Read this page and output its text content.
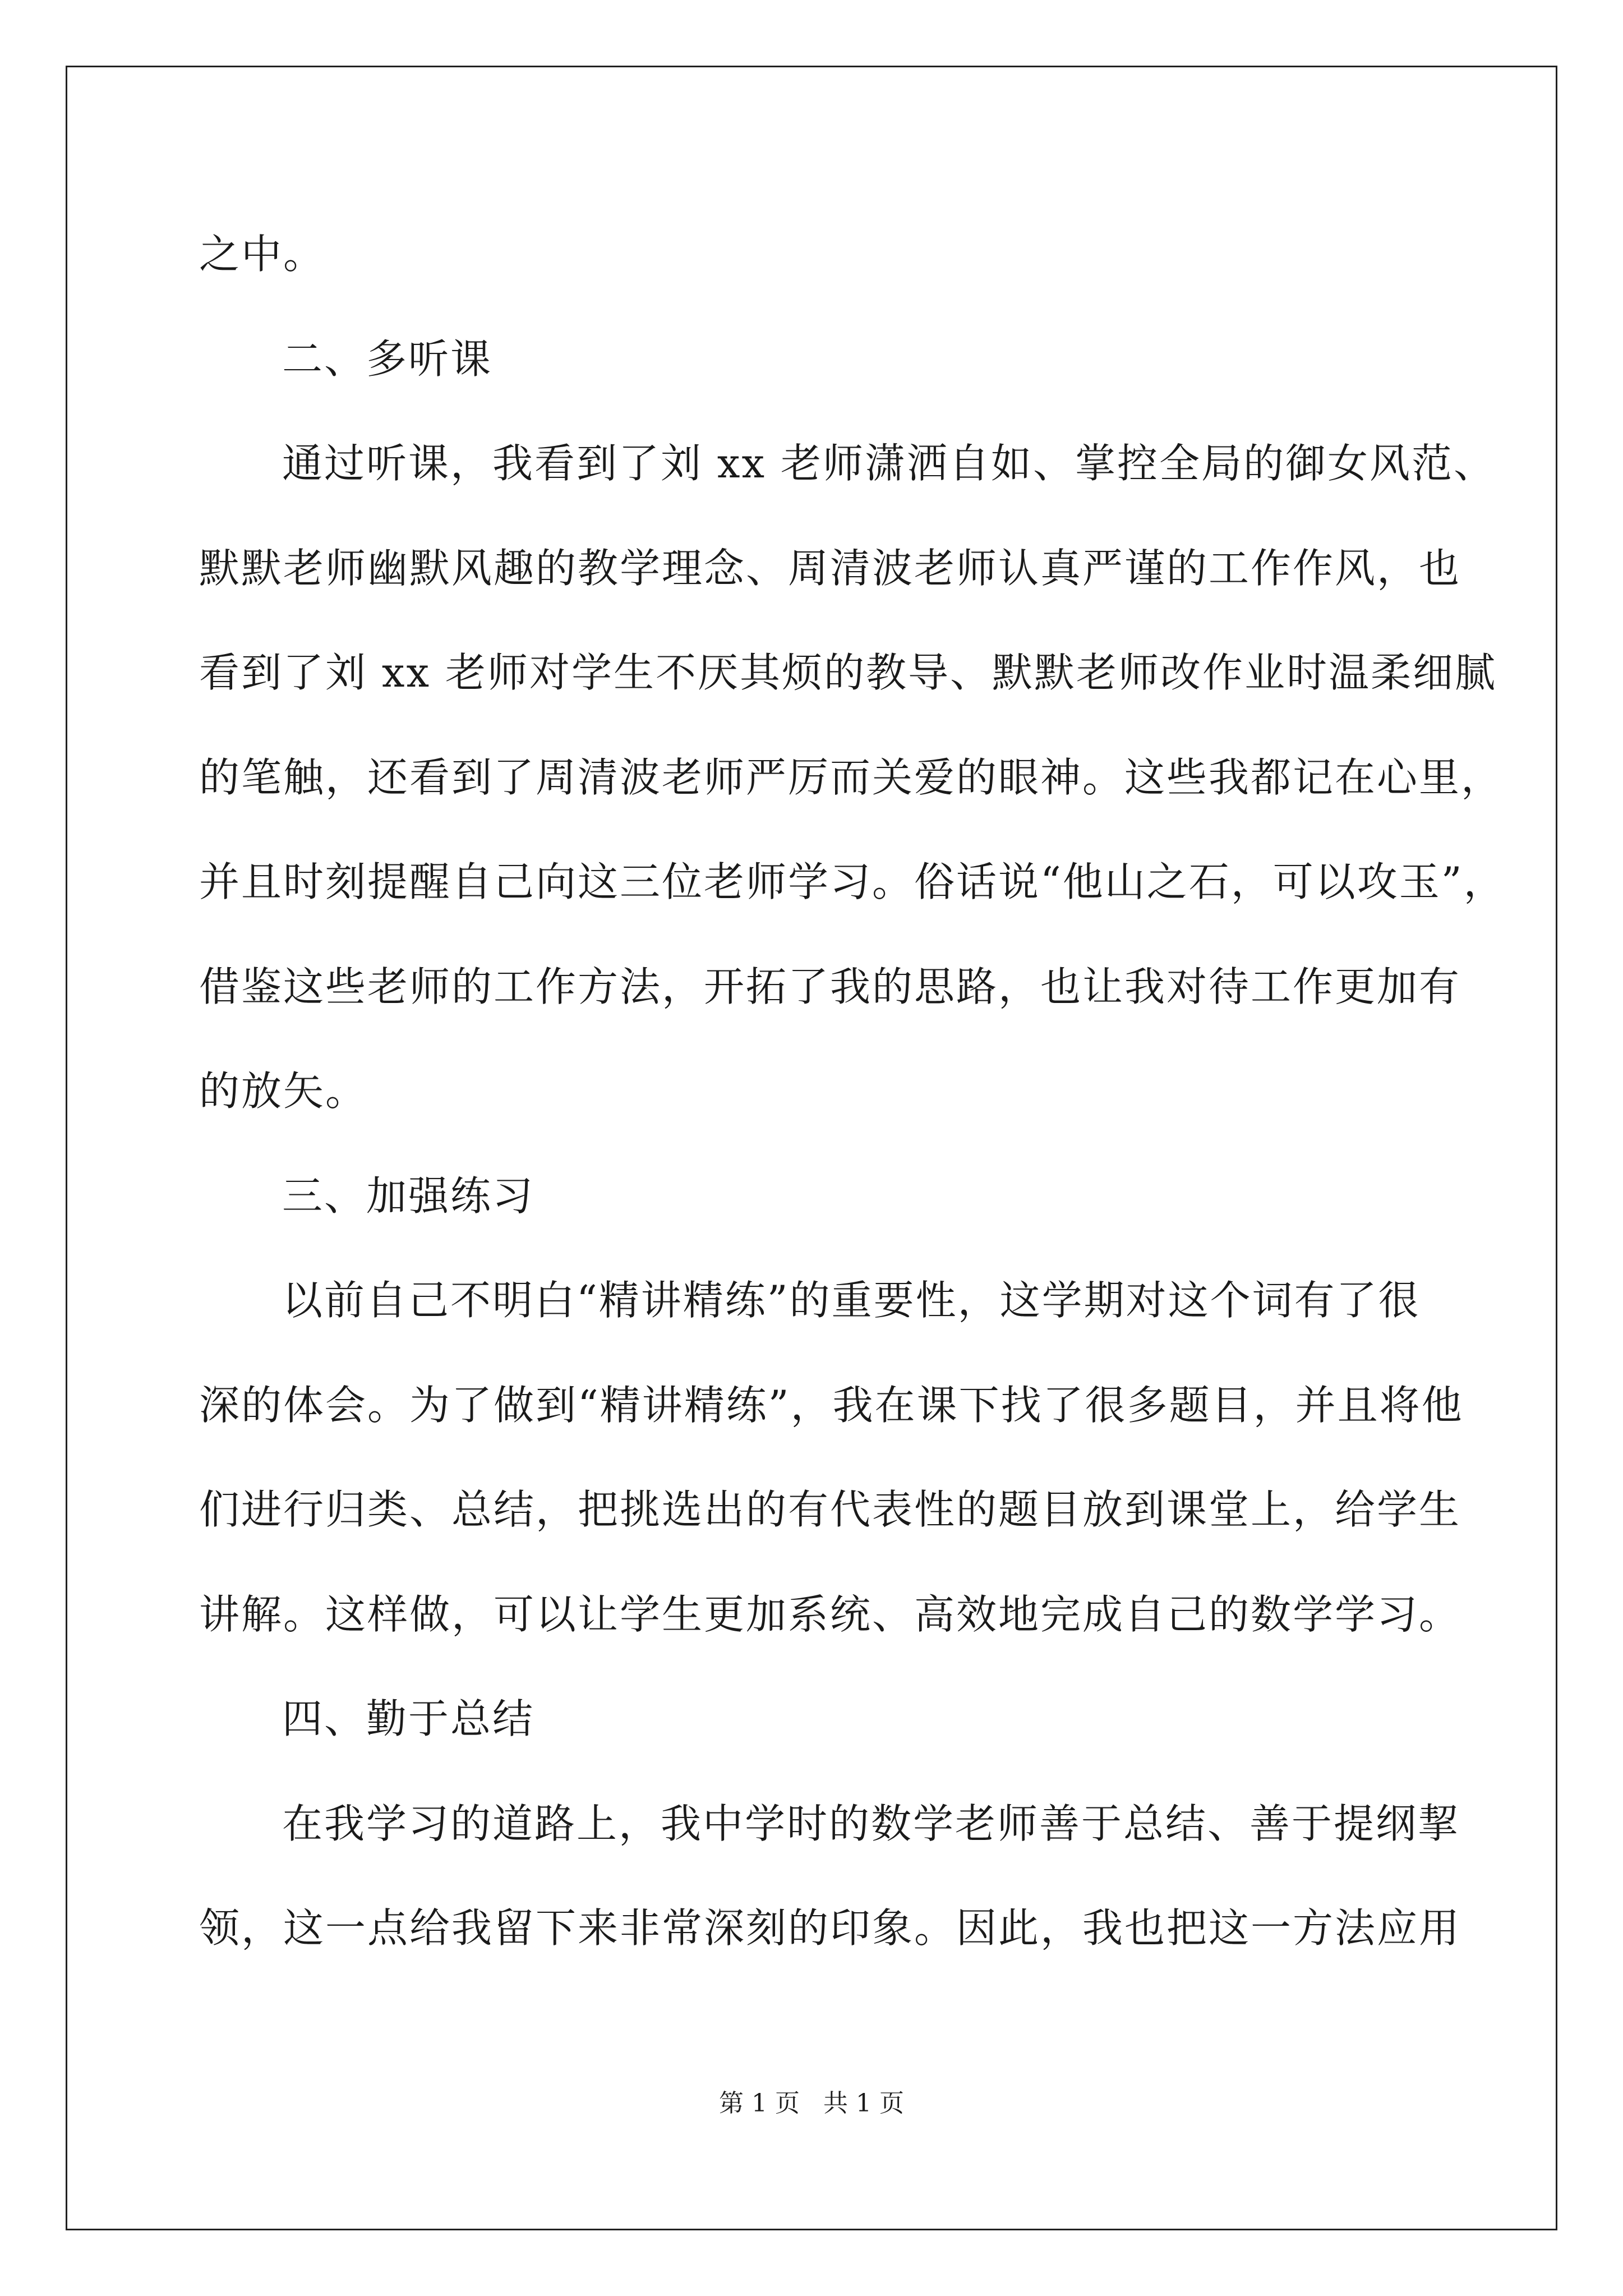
之中。
二、多听课
通过听课，我看到了刘 xx 老师潇洒自如、掌控全局的御女风范、
默默老师幽默风趣的教学理念、周清波老师认真严谨的工作作风，也
看到了刘 xx 老师对学生不厌其烦的教导、默默老师改作业时温柔细腻
的笔触，还看到了周清波老师严厉而关爱的眼神。这些我都记在心里，
并且时刻提醒自己向这三位老师学习。俗话说“他山之石，可以攻玉”，
借鉴这些老师的工作方法，开拓了我的思路，也让我对待工作更加有
的放矢。
三、加强练习
以前自己不明白“精讲精练”的重要性，这学期对这个词有了很
深的体会。为了做到“精讲精练”，我在课下找了很多题目，并且将他
们进行归类、总结，把挑选出的有代表性的题目放到课堂上，给学生
讲解。这样做，可以让学生更加系统、高效地完成自己的数学学习。
四、勤于总结
在我学习的道路上，我中学时的数学老师善于总结、善于提纲挈
领，这一点给我留下来非常深刻的印象。因此，我也把这一方法应用
第 1 页   共 1 页
